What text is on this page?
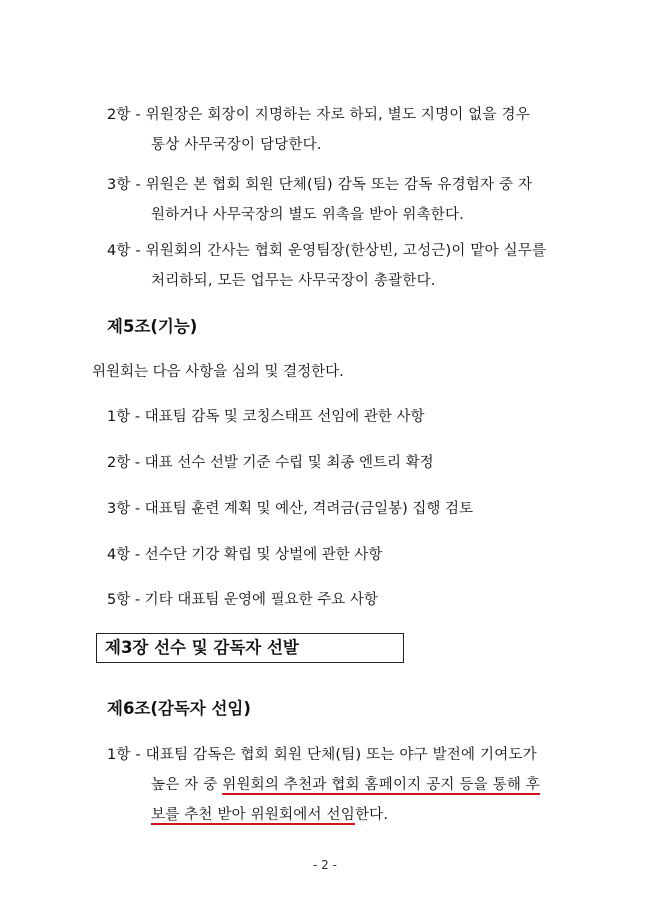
2항 - 위원장은 회장이 지명하는 자로 하되, 별도 지명이 없을 경우
통상 사무국장이 담당한다.
3항 - 위원은 본 협회 회원 단체(팀) 감독 또는 감독 유경험자 중 자
원하거나 사무국장의 별도 위촉을 받아 위촉한다.
4항 - 위원회의 간사는 협회 운영팀장(한상빈, 고성근)이 맡아 실무를
처리하되, 모든 업무는 사무국장이 총괄한다.
제5조(기능)
위원회는 다음 사항을 심의 및 결정한다.
1항 - 대표팀 감독 및 코칭스태프 선임에 관한 사항
2항 - 대표 선수 선발 기준 수립 및 최종 엔트리 확정
3항 - 대표팀 훈련 계획 및 예산, 격려금(금일봉) 집행 검토
4항 - 선수단 기강 확립 및 상벌에 관한 사항
5항 - 기타 대표팀 운영에 필요한 주요 사항
제3장 선수 및 감독자 선발
제6조(감독자 선임)
1항 - 대표팀 감독은 협회 회원 단체(팀) 또는 야구 발전에 기여도가
높은 자 중 위원회의 추천과 협회 홈페이지 공지 등을 통해 후
보를 추천 받아 위원회에서 선임한다.
- 2 -
